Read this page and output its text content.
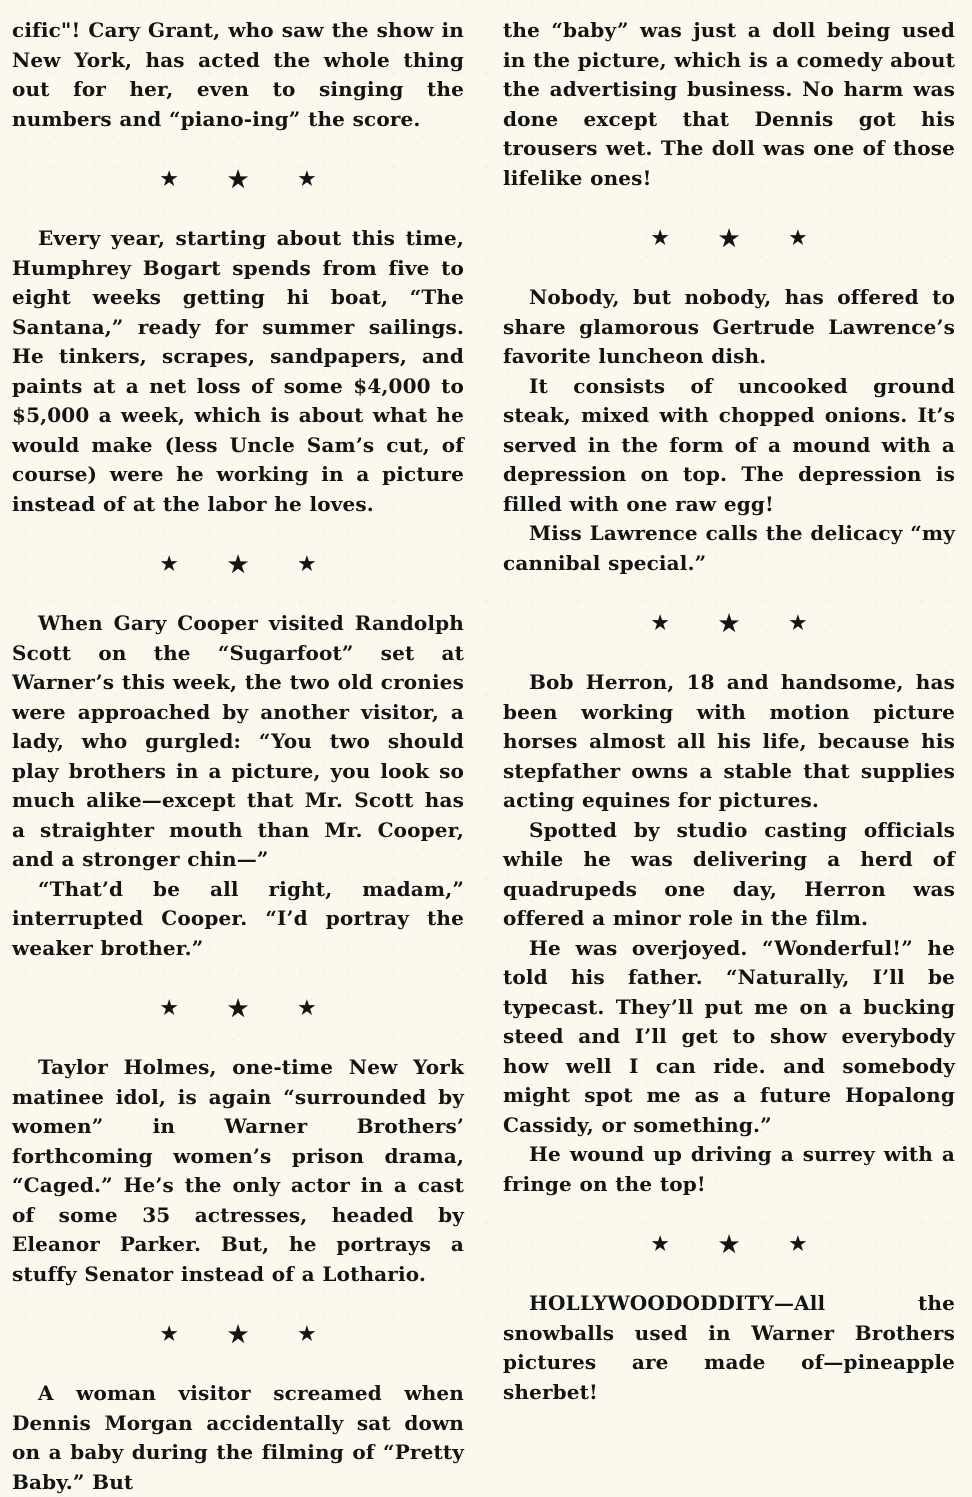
cific"! Cary Grant, who saw the show in New York, has acted the whole thing out for her, even to singing the numbers and “piano-ing” the score.

★ ★	★

Every year, starting about this time, Humphrey Bogart spends from five to eight weeks getting hi boat, “The Santana,” ready for summer sailings. He tinkers, scrapes, sandpapers, and paints at a net loss of some $4,000 to $5,000 a week, which is about what he would make (less Uncle Sam’s cut, of course) were he working in a picture instead of at the labor he loves.

★ ★	★

When Gary Cooper visited Randolph Scott on the “Sugarfoot” set at Warner’s this week, the two old cronies were approached by another visitor, a lady, who gurgled: “You two should play brothers in a picture, you look so much alike—except that Mr. Scott has a straighter mouth than Mr. Cooper, and a stronger chin—”

“That’d be all right, madam,” interrupted Cooper. “I’d portray the weaker brother.”

★ ★	★

Taylor Holmes, one-time New York matinee idol, is again “surrounded by women” in Warner Brothers’ forthcoming women’s prison drama, “Caged.” He’s the only actor in a cast of some 35 actresses, headed by Eleanor Parker. But, he portrays a stuffy Senator instead of a Lothario.

★ ★	★

A woman visitor screamed when Dennis Morgan accidentally sat down on a baby during the filming of “Pretty Baby.” But

the “baby” was just a doll being used in the picture, which is a comedy about the advertising business. No harm was done except that Dennis got his trousers wet. The doll was one of those lifelike ones!

★ ★	★

Nobody, but nobody, has offered to share glamorous Gertrude Lawrence’s favorite luncheon dish.

It consists of uncooked ground steak, mixed with chopped onions. It’s served in the form of a mound with a depression on top. The depression is filled with one raw egg!

Miss Lawrence calls the delicacy “my cannibal special.”

★ ★	★

Bob Herron, 18 and handsome, has been working with motion picture horses almost all his life, because his stepfather owns a stable that supplies acting equines for pictures.

Spotted by studio casting officials while he was delivering a herd of quadrupeds one day, Herron was offered a minor role in the film.

He was overjoyed. “Wonderful!” he told his father. “Naturally, I’ll be typecast. They’ll put me on a bucking steed and I’ll get to show everybody how well I can ride. and somebody might spot me as a future Hopalong Cassidy, or something.”

He wound up driving a surrey with a fringe on the top!

★ ★	★

HOLLYWOODODDITY—All the snowballs used in Warner Brothers pictures are made of—pineapple sherbet!
